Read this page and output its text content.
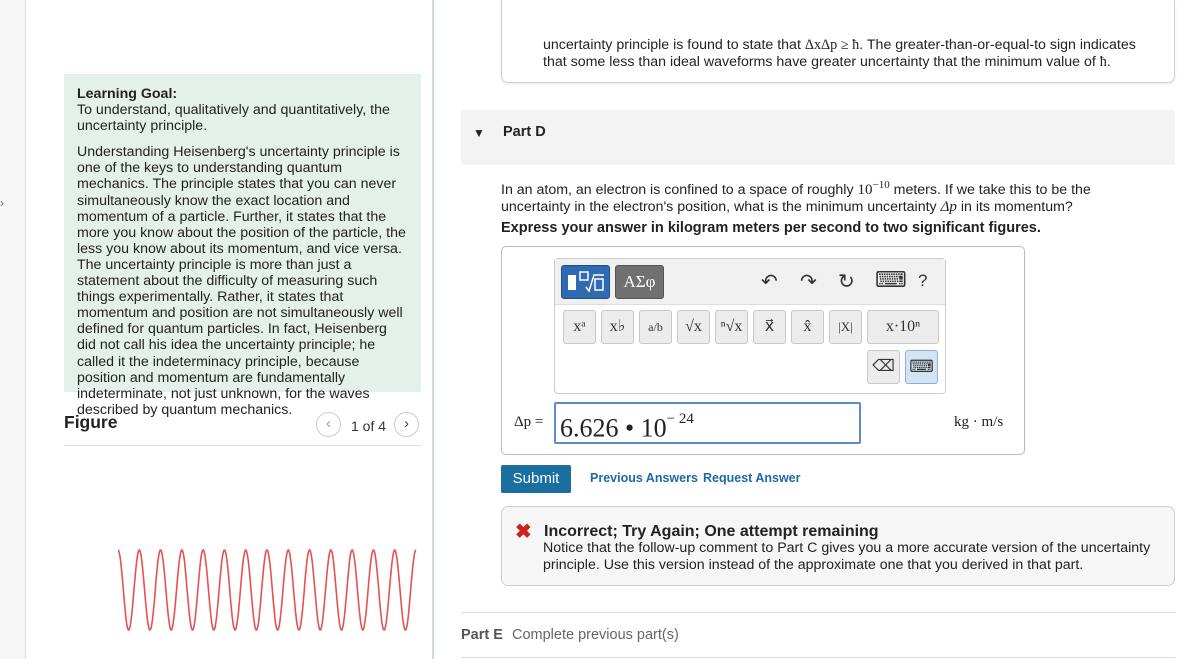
›
Learning Goal:

To understand, qualitatively and quantitatively, the uncertainty principle.

Understanding Heisenberg's uncertainty principle is one of the keys to understanding quantum mechanics. The principle states that you can never simultaneously know the exact location and momentum of a particle. Further, it states that the more you know about the position of the particle, the less you know about its momentum, and vice versa. The uncertainty principle is more than just a statement about the difficulty of measuring such things experimentally. Rather, it states that momentum and position are not simultaneously well defined for quantum particles. In fact, Heisenberg did not call his idea the uncertainty principle; he called it the indeterminacy principle, because position and momentum are fundamentally indeterminate, not just unknown, for the waves described by quantum mechanics.

Figure	‹	1 of 4	›
uncertainty principle is found to state that ΔxΔp ≥ ħ. The greater-than-or-equal-to sign indicates that some less than ideal waveforms have greater uncertainty that the minimum value of ħ.
▼ Part D
In an atom, an electron is confined to a space of roughly $10^{-10}$ meters. If we take this to be the uncertainty in the electron's position, what is the minimum uncertainty Δp in its momentum?
Express your answer in kilogram meters per second to two significant figures.
ΑΣφ	↶ ↷ ↻ ⌨ ?
xᵃ	x♭	a/b	√x	ⁿ√x	x⃗	x̂	|X|	x·10ⁿ
⌫ ⌨
Δp = 6.626 • $10^{- 24}$	kg · m/s
Submit	Previous Answers Request Answer
✖ Incorrect; Try Again; One attempt remaining
Notice that the follow-up comment to Part C gives you a more accurate version of the uncertainty principle. Use this version instead of the approximate one that you derived in that part.
Part E Complete previous part(s)
